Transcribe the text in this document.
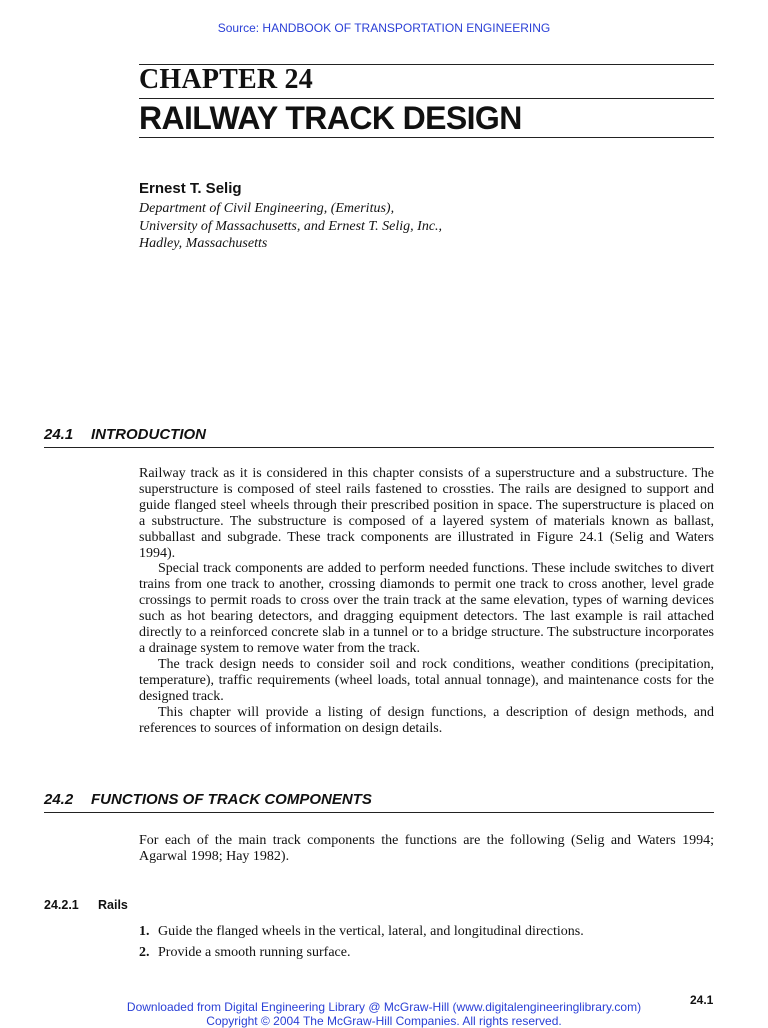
Source: HANDBOOK OF TRANSPORTATION ENGINEERING
CHAPTER 24
RAILWAY TRACK DESIGN
Ernest T. Selig
Department of Civil Engineering, (Emeritus),
University of Massachusetts, and Ernest T. Selig, Inc.,
Hadley, Massachusetts
24.1 INTRODUCTION

Railway track as it is considered in this chapter consists of a superstructure and a substructure. The superstructure is composed of steel rails fastened to crossties. The rails are designed to support and guide flanged steel wheels through their prescribed position in space. The superstructure is placed on a substructure. The substructure is composed of a layered system of materials known as ballast, subballast and subgrade. These track components are illustrated in Figure 24.1 (Selig and Waters 1994).

Special track components are added to perform needed functions. These include switches to divert trains from one track to another, crossing diamonds to permit one track to cross another, level grade crossings to permit roads to cross over the train track at the same elevation, types of warning devices such as hot bearing detectors, and dragging equipment detectors. The last example is rail attached directly to a reinforced concrete slab in a tunnel or to a bridge structure. The substructure incorporates a drainage system to remove water from the track.

The track design needs to consider soil and rock conditions, weather conditions (precipitation, temperature), traffic requirements (wheel loads, total annual tonnage), and maintenance costs for the designed track.

This chapter will provide a listing of design functions, a description of design methods, and references to sources of information on design details.

24.2 FUNCTIONS OF TRACK COMPONENTS

For each of the main track components the functions are the following (Selig and Waters 1994; Agarwal 1998; Hay 1982).

24.2.1 Rails
1. Guide the flanged wheels in the vertical, lateral, and longitudinal directions.
2. Provide a smooth running surface.
24.1
Downloaded from Digital Engineering Library @ McGraw-Hill (www.digitalengineeringlibrary.com)
Copyright © 2004 The McGraw-Hill Companies. All rights reserved.
